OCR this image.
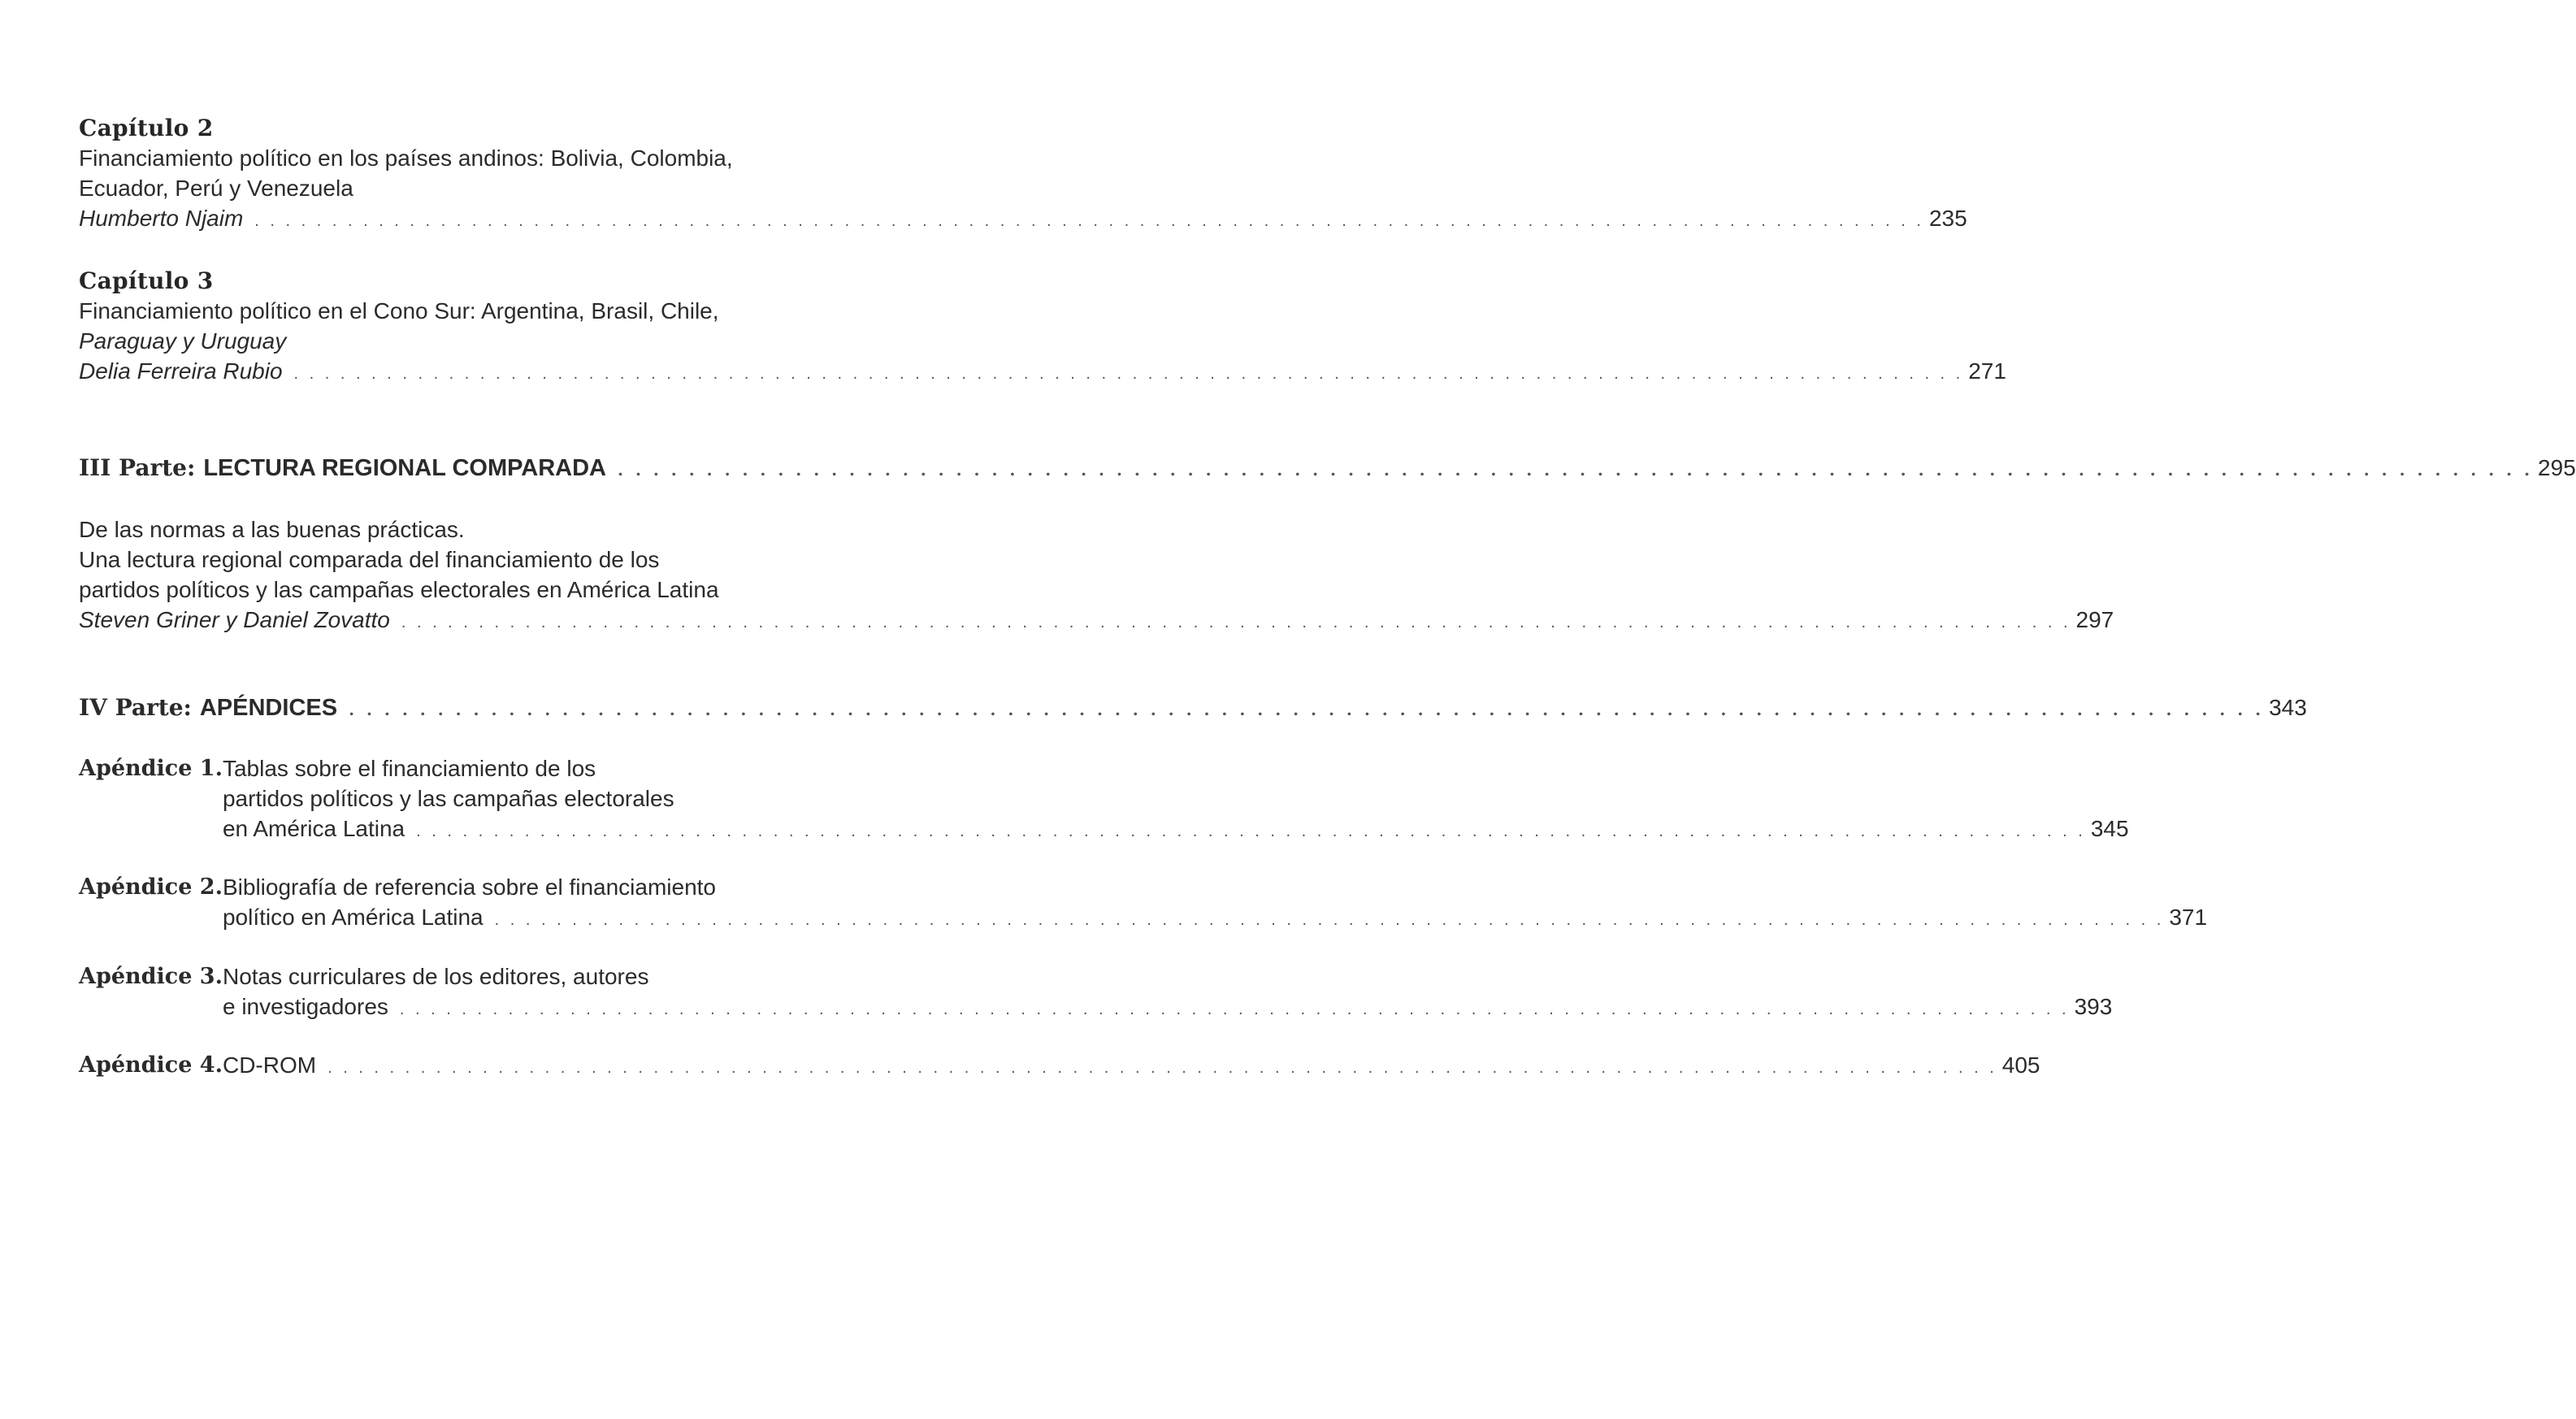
Capítulo 2
Financiamiento político en los países andinos: Bolivia, Colombia,
Ecuador, Perú y Venezuela
Humberto Njaim . . .	235
Capítulo 3
Financiamiento político en el Cono Sur: Argentina, Brasil, Chile,
Paraguay y Uruguay
Delia Ferreira Rubio . . .	271
III Parte: LECTURA REGIONAL COMPARADA . . .	295
De las normas a las buenas prácticas.
Una lectura regional comparada del financiamiento de los
partidos políticos y las campañas electorales en América Latina
Steven Griner y Daniel Zovatto . . .	297
IV Parte: APÉNDICES . . .	343
Apéndice 1. Tablas sobre el financiamiento de los
partidos políticos y las campañas electorales
en América Latina . . .	345
Apéndice 2. Bibliografía de referencia sobre el financiamiento
político en América Latina . . .	371
Apéndice 3. Notas curriculares de los editores, autores
e investigadores . . .	393
Apéndice 4. CD-ROM . . .	405
